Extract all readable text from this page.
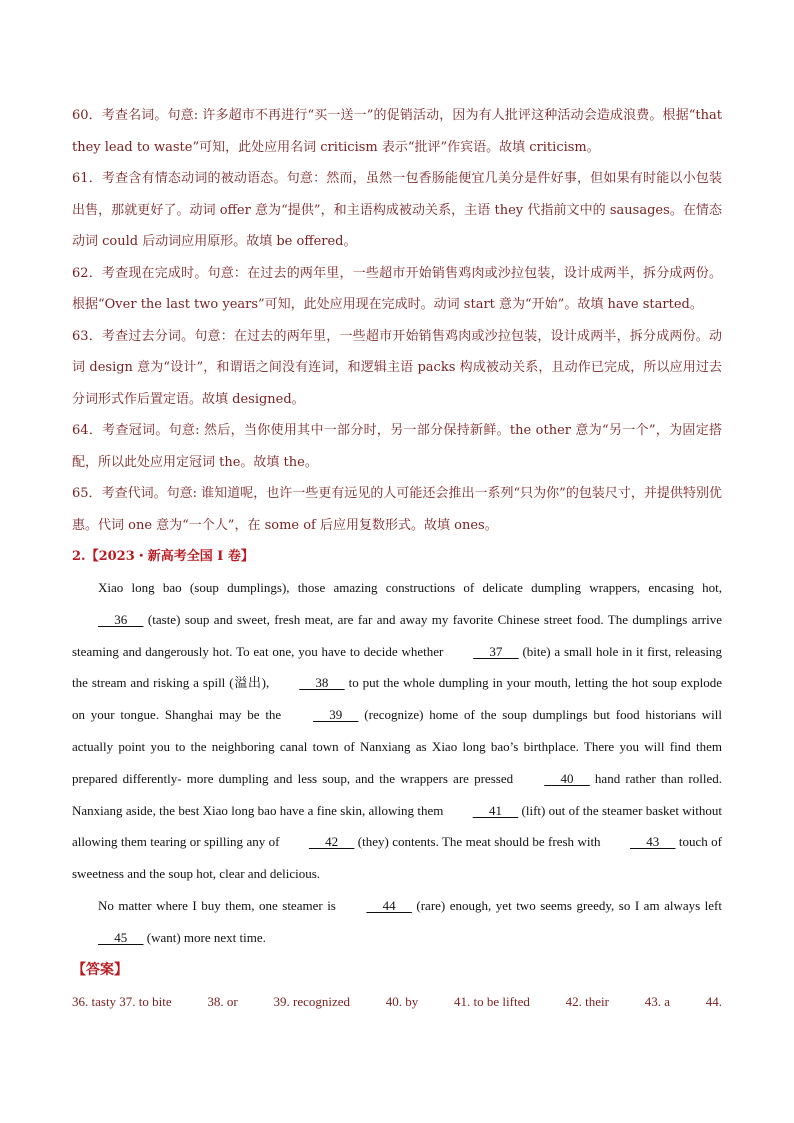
60．考查名词。句意: 许多超市不再进行“买一送一”的促销活动，因为有人批评这种活动会造成浪费。根据“that they lead to waste”可知，此处应用名词 criticism 表示“批评”作宾语。故填 criticism。

61．考查含有情态动词的被动语态。句意：然而，虽然一包香肠能便宜几美分是件好事，但如果有时能以小包装出售，那就更好了。动词 offer 意为“提供”，和主语构成被动关系，主语 they 代指前文中的 sausages。在情态动词 could 后动词应用原形。故填 be offered。

62．考查现在完成时。句意：在过去的两年里，一些超市开始销售鸡肉或沙拉包装，设计成两半，拆分成两份。根据“Over the last two years”可知，此处应用现在完成时。动词 start 意为“开始”。故填 have started。

63．考查过去分词。句意：在过去的两年里，一些超市开始销售鸡肉或沙拉包装，设计成两半，拆分成两份。动词 design 意为“设计”，和谓语之间没有连词，和逻辑主语 packs 构成被动关系，且动作已完成，所以应用过去分词形式作后置定语。故填 designed。

64．考查冠词。句意: 然后，当你使用其中一部分时，另一部分保持新鲜。the other 意为“另一个”，为固定搭配，所以此处应用定冠词 the。故填 the。

65．考查代词。句意: 谁知道呢，也许一些更有远见的人可能还会推出一系列“只为你”的包装尺寸，并提供特别优惠。代词 one 意为“一个人”，在 some of 后应用复数形式。故填 ones。

2.【2023・新高考全国 I 卷】

Xiao long bao (soup dumplings), those amazing constructions of delicate dumpling wrappers, encasing hot,      36      (taste) soup and sweet, fresh meat, are far and away my favorite Chinese street food. The dumplings arrive steaming and dangerously hot. To eat one, you have to decide whether      37      (bite) a small hole in it first, releasing the stream and risking a spill (溢出),      38      to put the whole dumpling in your mouth, letting the hot soup explode on your tongue. Shanghai may be the      39      (recognize) home of the soup dumplings but food historians will actually point you to the neighboring canal town of Nanxiang as Xiao long bao’s birthplace. There you will find them prepared differently- more dumpling and less soup, and the wrappers are pressed      40      hand rather than rolled. Nanxiang aside, the best Xiao long bao have a fine skin, allowing them      41      (lift) out of the steamer basket without allowing them tearing or spilling any of      42      (they) contents. The meat should be fresh with      43      touch of sweetness and the soup hot, clear and delicious.

No matter where I buy them, one steamer is      44      (rare) enough, yet two seems greedy, so I am always left      45      (want) more next time.

【答案】
36. tasty 37. to bite	38. or	39. recognized	40. by	41. to be lifted	42. their	43. a	44.
